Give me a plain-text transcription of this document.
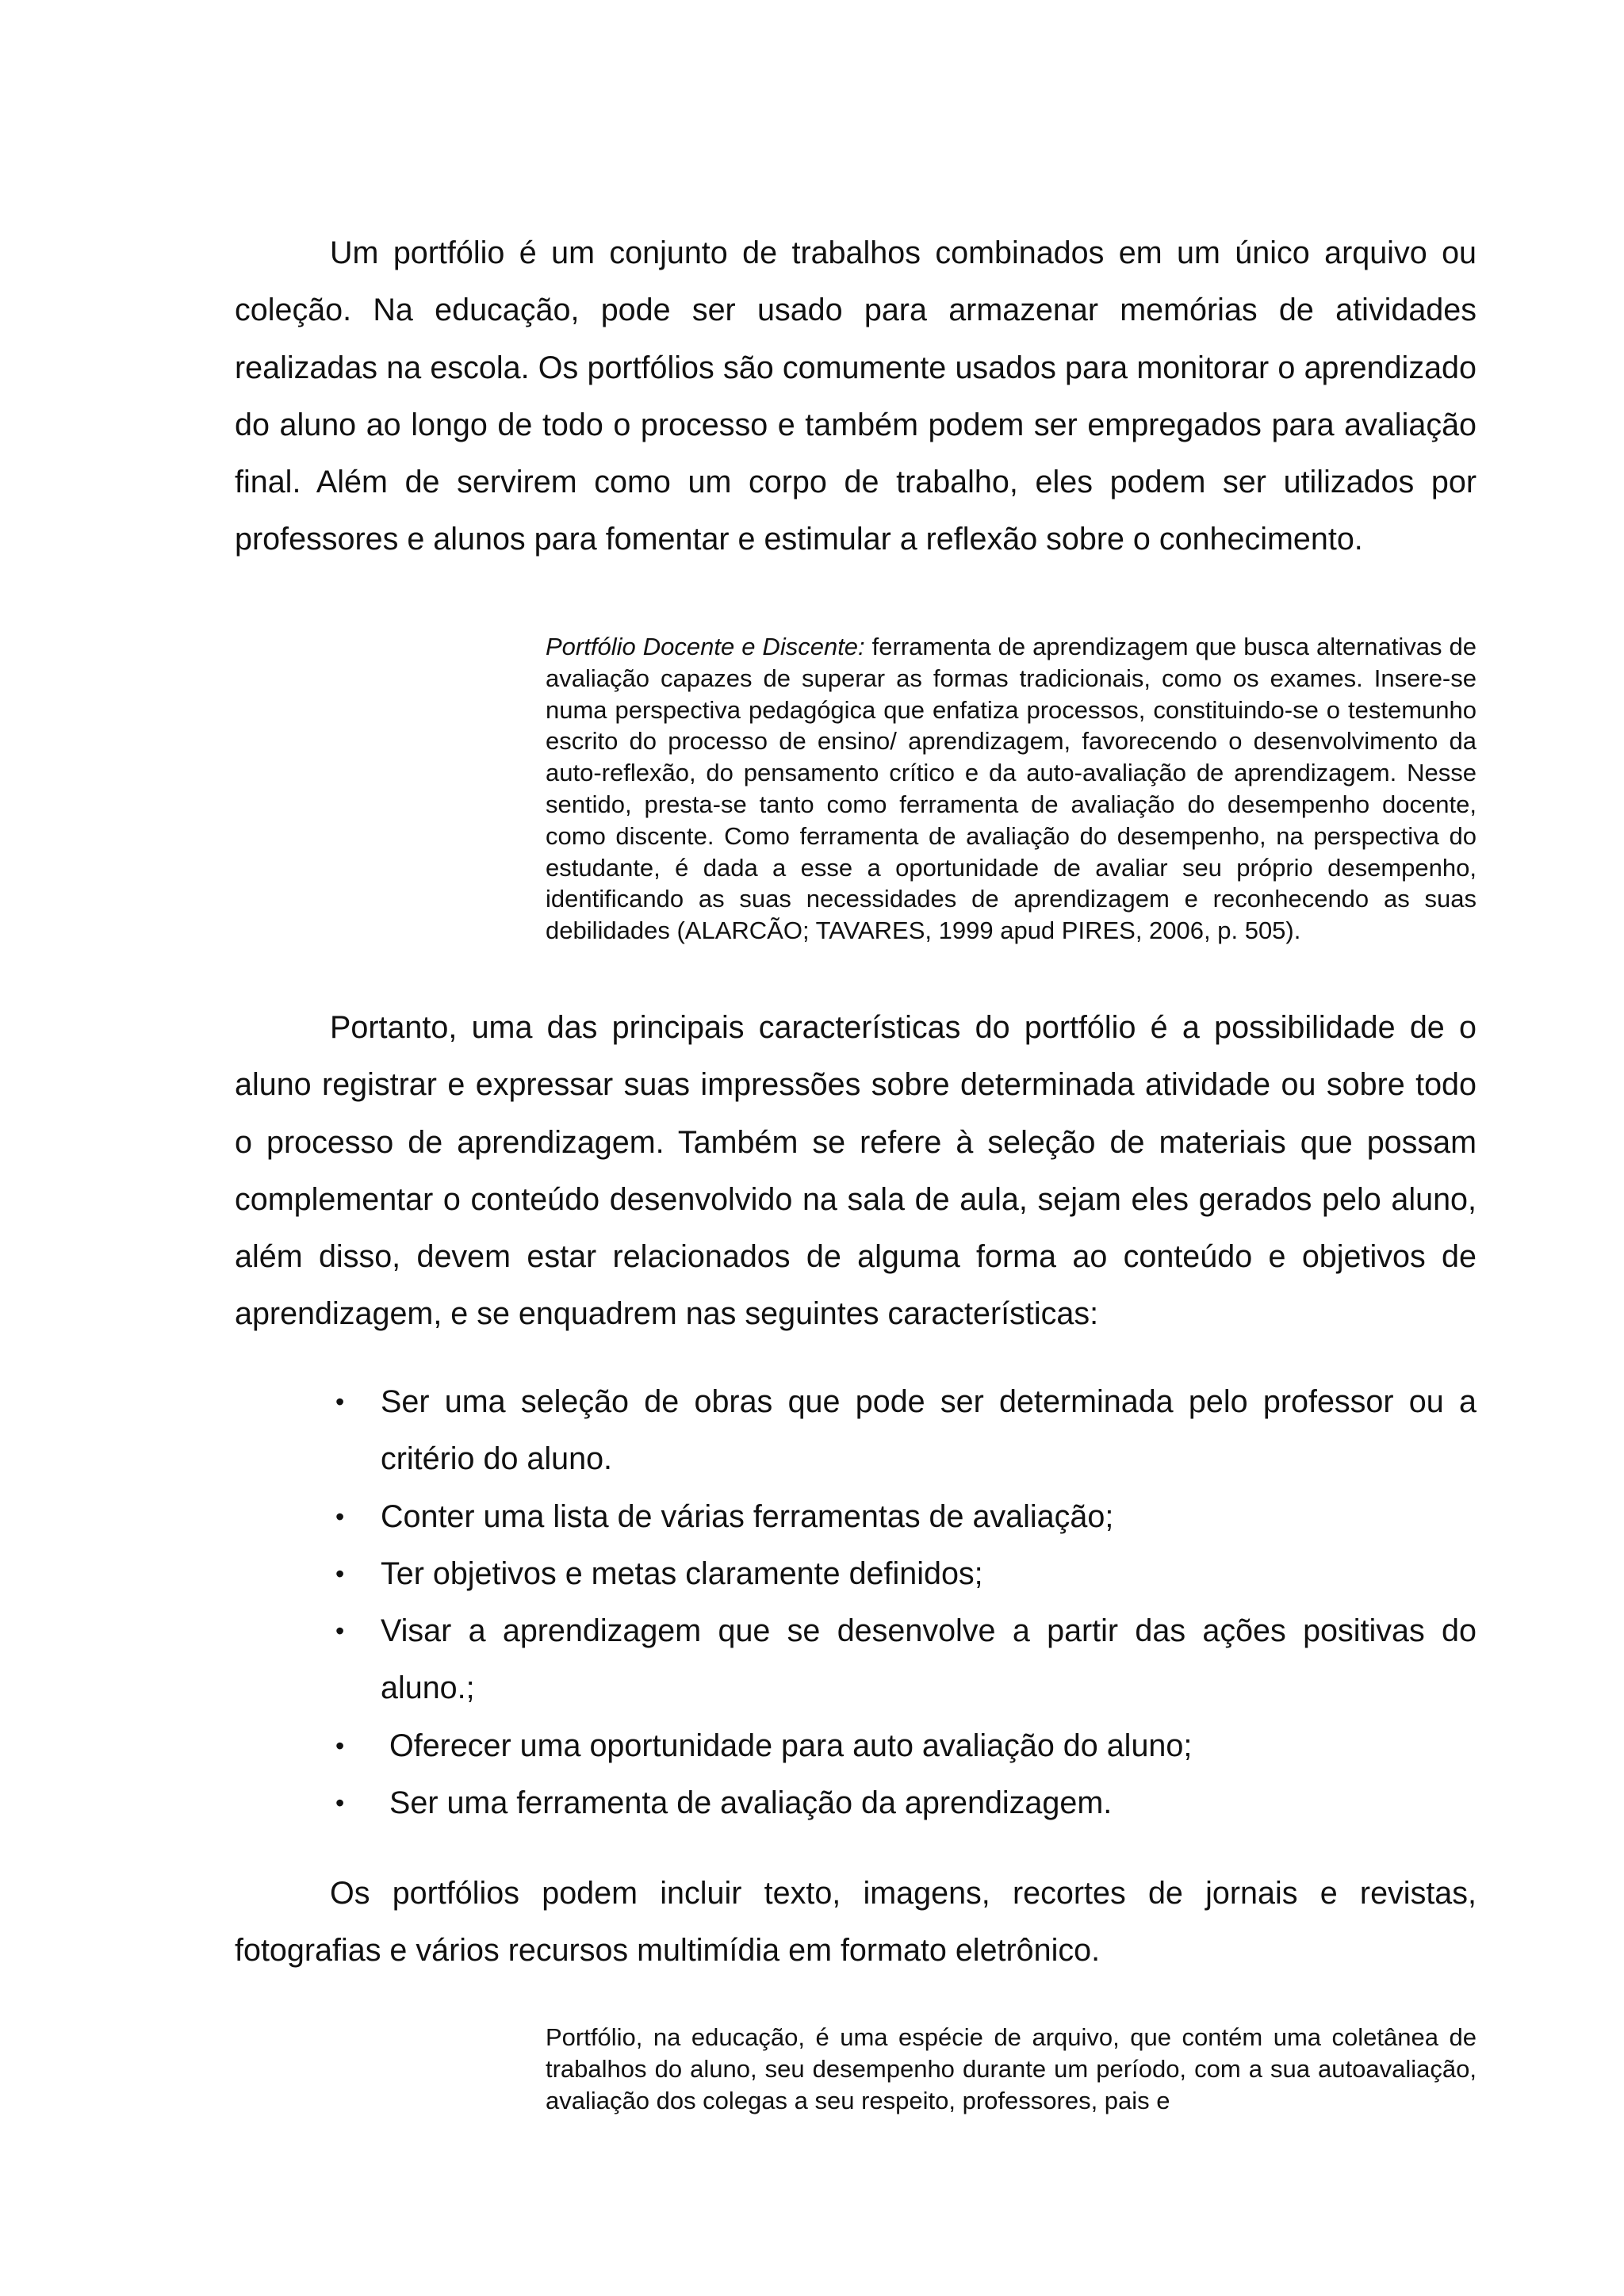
Um portfólio é um conjunto de trabalhos combinados em um único arquivo ou coleção. Na educação, pode ser usado para armazenar memórias de atividades realizadas na escola. Os portfólios são comumente usados para monitorar o aprendizado do aluno ao longo de todo o processo e também podem ser empregados para avaliação final. Além de servirem como um corpo de trabalho, eles podem ser utilizados por professores e alunos para fomentar e estimular a reflexão sobre o conhecimento.

Portfólio Docente e Discente: ferramenta de aprendizagem que busca alternativas de avaliação capazes de superar as formas tradicionais, como os exames. Insere-se numa perspectiva pedagógica que enfatiza processos, constituindo-se o testemunho escrito do processo de ensino/ aprendizagem, favorecendo o desenvolvimento da auto-reflexão, do pensamento crítico e da auto-avaliação de aprendizagem. Nesse sentido, presta-se tanto como ferramenta de avaliação do desempenho docente, como discente. Como ferramenta de avaliação do desempenho, na perspectiva do estudante, é dada a esse a oportunidade de avaliar seu próprio desempenho, identificando as suas necessidades de aprendizagem e reconhecendo as suas debilidades (ALARCÃO; TAVARES, 1999 apud PIRES, 2006, p. 505).

Portanto, uma das principais características do portfólio é a possibilidade de o aluno registrar e expressar suas impressões sobre determinada atividade ou sobre todo o processo de aprendizagem. Também se refere à seleção de materiais que possam complementar o conteúdo desenvolvido na sala de aula, sejam eles gerados pelo aluno, além disso, devem estar relacionados de alguma forma ao conteúdo e objetivos de aprendizagem, e se enquadrem nas seguintes características:

• Ser uma seleção de obras que pode ser determinada pelo professor ou a critério do aluno.
• Conter uma lista de várias ferramentas de avaliação;
• Ter objetivos e metas claramente definidos;
• Visar a aprendizagem que se desenvolve a partir das ações positivas do aluno.;
• Oferecer uma oportunidade para auto avaliação do aluno;
• Ser uma ferramenta de avaliação da aprendizagem.

Os portfólios podem incluir texto, imagens, recortes de jornais e revistas, fotografias e vários recursos multimídia em formato eletrônico.

Portfólio, na educação, é uma espécie de arquivo, que contém uma coletânea de trabalhos do aluno, seu desempenho durante um período, com a sua autoavaliação, avaliação dos colegas a seu respeito, professores, pais e
